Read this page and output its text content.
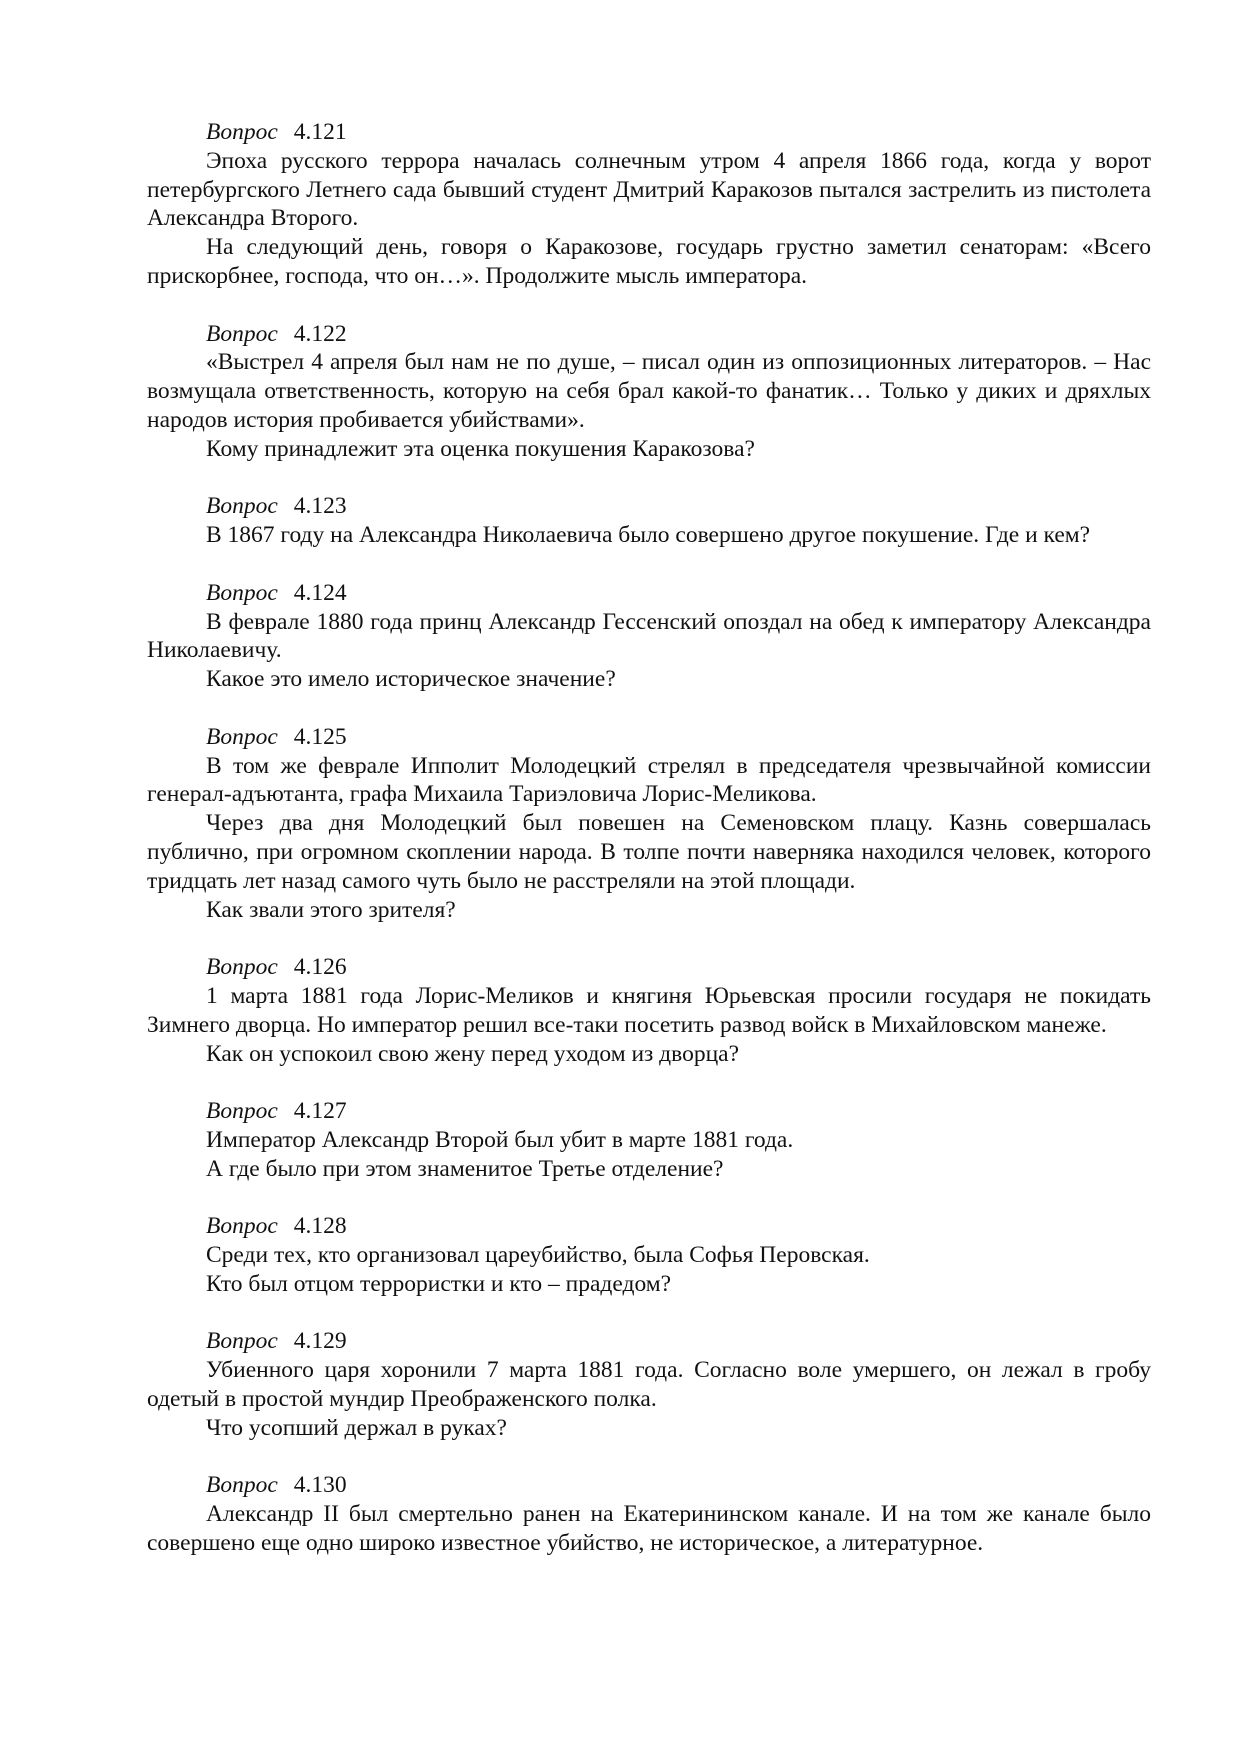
Вопрос 4.121

Эпоха русского террора началась солнечным утром 4 апреля 1866 года, когда у ворот петербургского Летнего сада бывший студент Дмитрий Каракозов пытался застрелить из пистолета Александра Второго.

На следующий день, говоря о Каракозове, государь грустно заметил сенаторам: «Всего прискорбнее, господа, что он…». Продолжите мысль императора.

Вопрос 4.122

«Выстрел 4 апреля был нам не по душе, – писал один из оппозиционных литераторов. – Нас возмущала ответственность, которую на себя брал какой-то фанатик… Только у диких и дряхлых народов история пробивается убийствами».

Кому принадлежит эта оценка покушения Каракозова?

Вопрос 4.123

В 1867 году на Александра Николаевича было совершено другое покушение. Где и кем?

Вопрос 4.124

В феврале 1880 года принц Александр Гессенский опоздал на обед к императору Александра Николаевичу.

Какое это имело историческое значение?

Вопрос 4.125

В том же феврале Ипполит Молодецкий стрелял в председателя чрезвычайной комиссии генерал-адъютанта, графа Михаила Тариэловича Лорис-Меликова.

Через два дня Молодецкий был повешен на Семеновском плацу. Казнь совершалась публично, при огромном скоплении народа. В толпе почти наверняка находился человек, которого тридцать лет назад самого чуть было не расстреляли на этой площади.

Как звали этого зрителя?

Вопрос 4.126

1 марта 1881 года Лорис-Меликов и княгиня Юрьевская просили государя не покидать Зимнего дворца. Но император решил все-таки посетить развод войск в Михайловском манеже.

Как он успокоил свою жену перед уходом из дворца?

Вопрос 4.127

Император Александр Второй был убит в марте 1881 года.

А где было при этом знаменитое Третье отделение?

Вопрос 4.128

Среди тех, кто организовал цареубийство, была Софья Перовская.

Кто был отцом террористки и кто – прадедом?

Вопрос 4.129

Убиенного царя хоронили 7 марта 1881 года. Согласно воле умершего, он лежал в гробу одетый в простой мундир Преображенского полка.

Что усопший держал в руках?

Вопрос 4.130

Александр II был смертельно ранен на Екатерининском канале. И на том же канале было совершено еще одно широко известное убийство, не историческое, а литературное.
